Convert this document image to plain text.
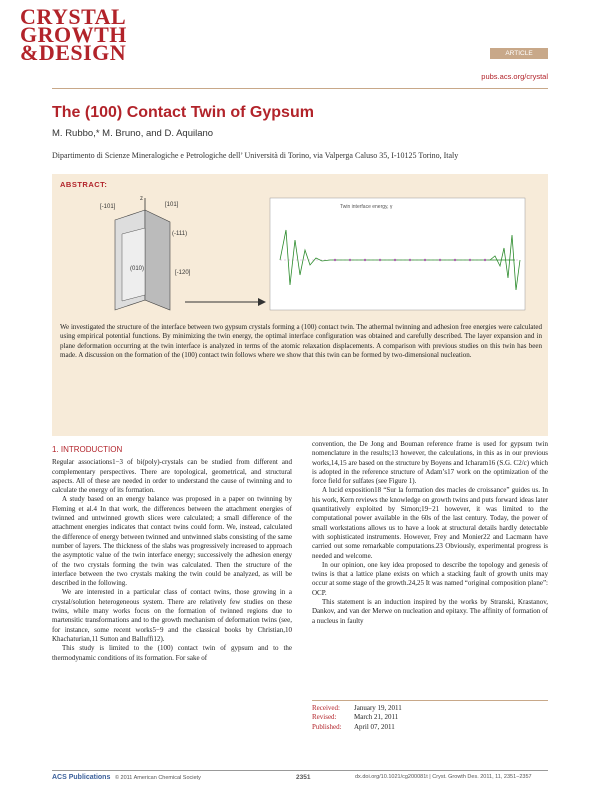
CRYSTAL
GROWTH
&DESIGN	ARTICLE
pubs.acs.org/crystal
The (100) Contact Twin of Gypsum
M. Rubbo,* M. Bruno, and D. Aquilano
Dipartimento di Scienze Mineralogiche e Petrologiche dell’ Università di Torino, via Valperga Caluso 35, I-10125 Torino, Italy
ABSTRACT:
z
[-101]	[101]
(-111)
[-120]
(010)
Twin interface energy, γ
We investigated the structure of the interface between two gypsum crystals forming a (100) contact twin. The athermal twinning and adhesion free energies were calculated using empirical potential functions. By minimizing the twin energy, the optimal interface configuration was obtained and carefully described. The layer expansion and in plane deformation occurring at the twin interface is analyzed in terms of the atomic relaxation displacements. A comparison with previous studies on this twin has been made. A discussion on the formation of the (100) contact twin follows where we show that this twin can be formed by two-dimensional nucleation.
1. INTRODUCTION

Regular associations1−3 of bi(poly)-crystals can be studied from different and complementary perspectives. There are topological, geometrical, and structural aspects. All of these are needed in order to understand the cause of twinning and to calculate the energy of its formation.

A study based on an energy balance was proposed in a paper on twinning by Fleming et al.4 In that work, the differences between the attachment energies of twinned and untwinned growth slices were calculated; a small difference of the attachment energies indicates that contact twins could form. We, instead, calculated the difference of energy between twinned and untwinned slabs consisting of the same number of layers. The thickness of the slabs was progressively increased to approach the asymptotic value of the twin interface energy; successively the adhesion energy of the two crystals forming the twin was calculated. Then the structure of the interface between the two crystals making the twin could be analyzed, as will be described in the following.

We are interested in a particular class of contact twins, those growing in a crystal/solution heterogeneous system. There are relatively few studies on these twins, while many works focus on the formation of twinned regions due to martensitic transformations and to the growth mechanism of deformation twins (see, for instance, some recent works5−9 and the classical books by Christian,10 Khachaturian,11 Sutton and Balluffi12).

This study is limited to the (100) contact twin of gypsum and to the thermodynamic conditions of its formation. For sake of

convention, the De Jong and Bouman reference frame is used for gypsum twin nomenclature in the results;13 however, the calculations, in this as in our previous works,14,15 are based on the structure by Boyens and Icharam16 (S.G. C2/c) which is adopted in the reference structure of Adam’s17 work on the optimization of the force field for sulfates (see Figure 1).

A lucid exposition18 “Sur la formation des macles de croissance” guides us. In his work, Kern reviews the knowledge on growth twins and puts forward ideas later quantitatively exploited by Simon;19−21 however, it was limited to the computational power available in the 60s of the last century. Today, the power of small workstations allows us to have a look at structural details hardly detectable with sophisticated instruments. However, Frey and Monier22 and Lacmann have carried out some remarkable computations.23 Obviously, experimental progress is needed and welcome.

In our opinion, one key idea proposed to describe the topology and genesis of twins is that a lattice plane exists on which a stacking fault of growth units may occur at some stage of the growth.24,25 It was named “original composition plane”: OCP.

This statement is an induction inspired by the works by Stranski, Krastanov, Dankov, and van der Merwe on nucleation and epitaxy. The affinity of formation of a nucleus in faulty

Received: January 19, 2011
Revised:	March 21, 2011
Published: April 07, 2011
ACS Publications © 2011 American Chemical Society	2351	dx.doi.org/10.1021/cg200081t | Cryst. Growth Des. 2011, 11, 2351−2357
